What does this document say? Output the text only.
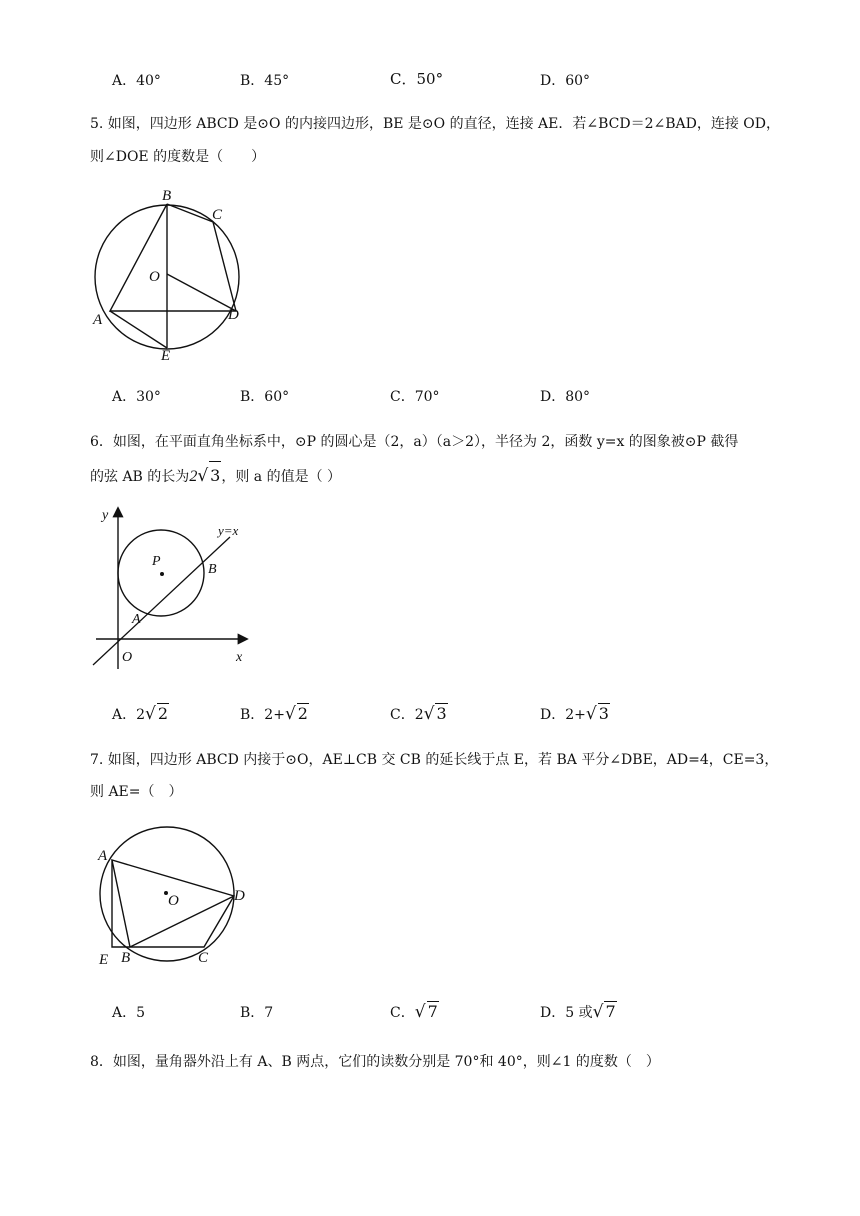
A．40°	B．45°	C．50°	D．60°
5. 如图，四边形 ABCD 是⊙O 的内接四边形，BE 是⊙O 的直径，连接 AE．若∠BCD＝2∠BAD，连接 OD，
则∠DOE 的度数是（　　）
B
C
O
A	D
E
A．30°	B．60°	C．70°	D．80°
6．如图，在平面直角坐标系中，⊙P 的圆心是（2，a）（a＞2），半径为 2，函数 y=x 的图象被⊙P 截得
的弦 AB 的长为2√ 3，则 a 的值是（ ）
y
y=x
P
B
A
O	x
A．2√ 2	B．2+√ 2	C．2√ 3	D．2+√ 3
7. 如图，四边形 ABCD 内接于⊙O，AE⊥CB 交 CB 的延长线于点 E，若 BA 平分∠DBE，AD=4，CE=3，
则 AE=（　）
A
O	D
E B	C
A．5	B．7	C．√ 7	D．5 或√ 7
8．如图，量角器外沿上有 A、B 两点，它们的读数分别是 70°和 40°，则∠1 的度数（　）
